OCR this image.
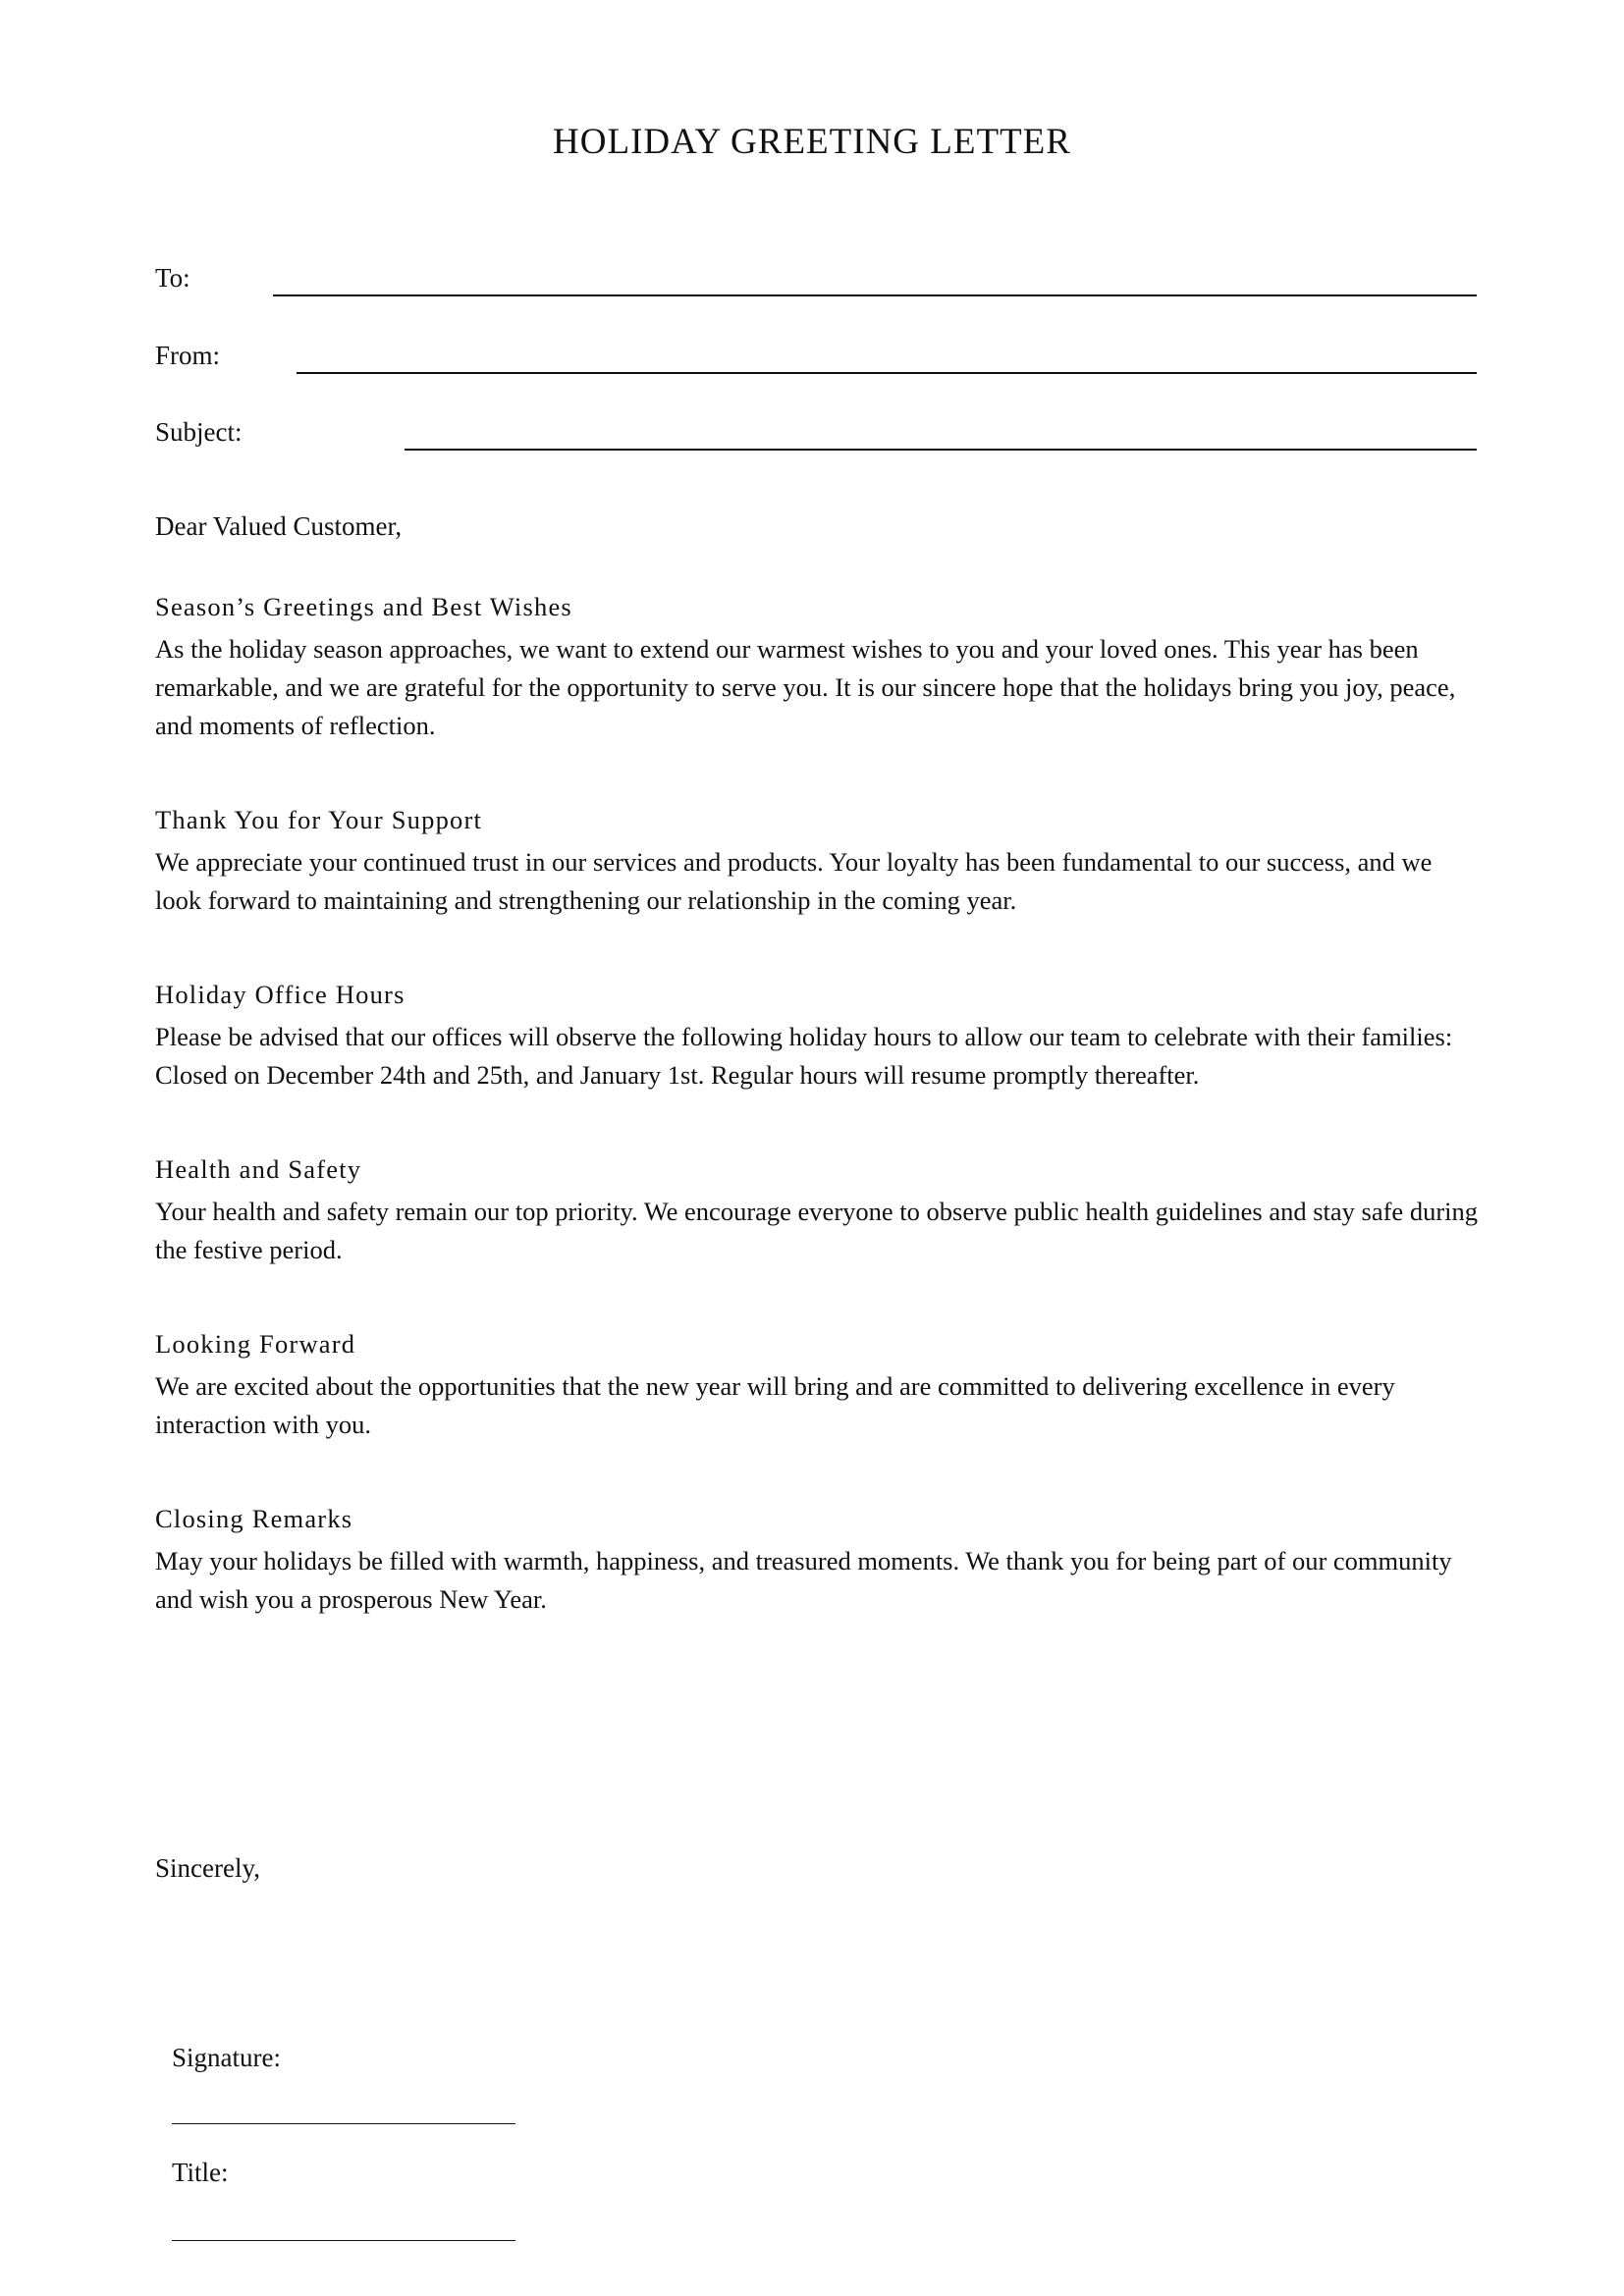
HOLIDAY GREETING LETTER
To:
From:
Subject:
Dear Valued Customer,
Season’s Greetings and Best Wishes

As the holiday season approaches, we want to extend our warmest wishes to you and your loved ones. This year has been remarkable, and we are grateful for the opportunity to serve you. It is our sincere hope that the holidays bring you joy, peace, and moments of reflection.

Thank You for Your Support

We appreciate your continued trust in our services and products. Your loyalty has been fundamental to our success, and we look forward to maintaining and strengthening our relationship in the coming year.

Holiday Office Hours

Please be advised that our offices will observe the following holiday hours to allow our team to celebrate with their families: Closed on December 24th and 25th, and January 1st. Regular hours will resume promptly thereafter.

Health and Safety

Your health and safety remain our top priority. We encourage everyone to observe public health guidelines and stay safe during the festive period.

Looking Forward

We are excited about the opportunities that the new year will bring and are committed to delivering excellence in every interaction with you.

Closing Remarks

May your holidays be filled with warmth, happiness, and treasured moments. We thank you for being part of our community and wish you a prosperous New Year.

Sincerely,
Signature:
Title:
